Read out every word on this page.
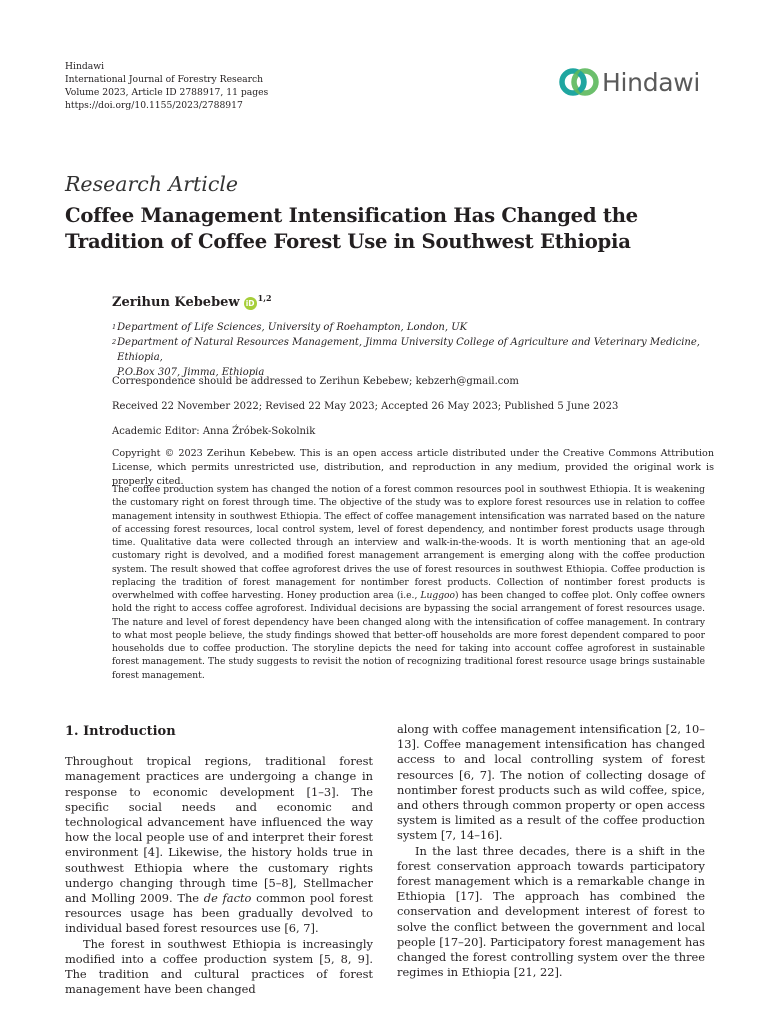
Hindawi
International Journal of Forestry Research
Volume 2023, Article ID 2788917, 11 pages
https://doi.org/10.1155/2023/2788917
Hindawi
Research Article
Coffee Management Intensification Has Changed the Tradition of Coffee Forest Use in Southwest Ethiopia
Zerihun Kebebew iD
$^{1,2}$
1 Department of Life Sciences, University of Roehampton, London, UK
2 Department of Natural Resources Management, Jimma University College of Agriculture and Veterinary Medicine, Ethiopia,
P.O.Box 307, Jimma, Ethiopia
Correspondence should be addressed to Zerihun Kebebew; kebzerh@gmail.com
Received 22 November 2022; Revised 22 May 2023; Accepted 26 May 2023; Published 5 June 2023
Academic Editor: Anna Źróbek-Sokolnik
Copyright © 2023 Zerihun Kebebew. This is an open access article distributed under the Creative Commons Attribution License, which permits unrestricted use, distribution, and reproduction in any medium, provided the original work is properly cited.
The coffee production system has changed the notion of a forest common resources pool in southwest Ethiopia. It is weakening the customary right on forest through time. The objective of the study was to explore forest resources use in relation to coffee management intensity in southwest Ethiopia. The effect of coffee management intensification was narrated based on the nature of accessing forest resources, local control system, level of forest dependency, and nontimber forest products usage through time. Qualitative data were collected through an interview and walk-in-the-woods. It is worth mentioning that an age-old customary right is devolved, and a modified forest management arrangement is emerging along with the coffee production system. The result showed that coffee agroforest drives the use of forest resources in southwest Ethiopia. Coffee production is replacing the tradition of forest management for nontimber forest products. Collection of nontimber forest products is overwhelmed with coffee harvesting. Honey production area (i.e., Luggoo) has been changed to coffee plot. Only coffee owners hold the right to access coffee agroforest. Individual decisions are bypassing the social arrangement of forest resources usage. The nature and level of forest dependency have been changed along with the intensification of coffee management. In contrary to what most people believe, the study findings showed that better-off households are more forest dependent compared to poor households due to coffee production. The storyline depicts the need for taking into account coffee agroforest in sustainable forest management. The study suggests to revisit the notion of recognizing traditional forest resource usage brings sustainable forest management.
1. Introduction

Throughout tropical regions, traditional forest management practices are undergoing a change in response to economic development [1–3]. The specific social needs and economic and technological advancement have influenced the way how the local people use of and interpret their forest environment [4]. Likewise, the history holds true in southwest Ethiopia where the customary rights undergo changing through time [5–8], Stellmacher and Molling 2009. The de facto common pool forest resources usage has been gradually devolved to individual based forest resources use [6, 7].

The forest in southwest Ethiopia is increasingly modified into a coffee production system [5, 8, 9]. The tradition and cultural practices of forest management have been changed

along with coffee management intensification [2, 10–13]. Coffee management intensification has changed access to and local controlling system of forest resources [6, 7]. The notion of collecting dosage of nontimber forest products such as wild coffee, spice, and others through common property or open access system is limited as a result of the coffee production system [7, 14–16].

In the last three decades, there is a shift in the forest conservation approach towards participatory forest management which is a remarkable change in Ethiopia [17]. The approach has combined the conservation and development interest of forest to solve the conflict between the government and local people [17–20]. Participatory forest management has changed the forest controlling system over the three regimes in Ethiopia [21, 22].
